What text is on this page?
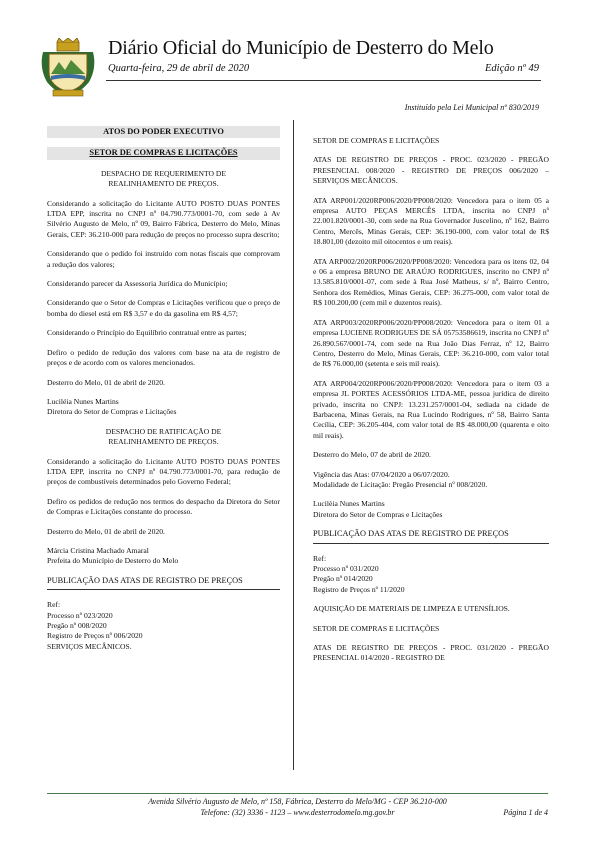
Diário Oficial do Município de Desterro do Melo
Quarta-feira, 29 de abril de 2020	Edição nº 49
Instituído pela Lei Municipal nº 830/2019
ATOS DO PODER EXECUTIVO
SETOR DE COMPRAS E LICITAÇÕES
DESPACHO DE REQUERIMENTO DE
REALINHAMENTO DE PREÇOS.

Considerando a solicitação do Licitante AUTO POSTO DUAS PONTES LTDA EPP, inscrita no CNPJ nº 04.790.773/0001-70, com sede à Av Silvério Augusto de Melo, nº 09, Bairro Fábrica, Desterro do Melo, Minas Gerais, CEP: 36.210-000 para redução de preços no processo supra descrito;

Considerando que o pedido foi instruído com notas fiscais que comprovam a redução dos valores;

Considerando parecer da Assessoria Jurídica do Município;

Considerando que o Setor de Compras e Licitações verificou que o preço de bomba do diesel está em R$ 3,57 e do da gasolina em R$ 4,57;

Considerando o Princípio do Equilíbrio contratual entre as partes;

Defiro o pedido de redução dos valores com base na ata de registro de preços e de acordo com os valores mencionados.

Desterro do Melo, 01 de abril de 2020.

Luciléia Nunes Martins

Diretora do Setor de Compras e Licitações

DESPACHO DE RATIFICAÇÃO DE
REALINHAMENTO DE PREÇOS.

Considerando a solicitação do Licitante AUTO POSTO DUAS PONTES LTDA EPP, inscrita no CNPJ nº 04.790.773/0001-70, para redução de preços de combustíveis determinados pelo Governo Federal;

Defiro os pedidos de redução nos termos do despacho da Diretora do Setor de Compras e Licitações constante do processo.

Desterro do Melo, 01 de abril de 2020.

Márcia Cristina Machado Amaral

Prefeita do Município de Desterro do Melo

PUBLICAÇÃO DAS ATAS DE REGISTRO DE PREÇOS

Ref:

Processo nº 023/2020

Pregão nº 008/2020

Registro de Preços nº 006/2020

SERVIÇOS MECÂNICOS.

SETOR DE COMPRAS E LICITAÇÕES

ATAS DE REGISTRO DE PREÇOS - PROC. 023/2020 - PREGÃO PRESENCIAL 008/2020 - REGISTRO DE PREÇOS 006/2020 – SERVIÇOS MECÂNICOS.

ATA ARP001/2020RP006/2020/PP008/2020: Vencedora para o item 05 a empresa AUTO PEÇAS MERCÊS LTDA, inscrita no CNPJ nº 22.001.820/0001-30, com sede na Rua Governador Juscelino, nº 162, Bairro Centro, Mercês, Minas Gerais, CEP: 36.190-000, com valor total de R$ 18.801,00 (dezoito mil oitocentos e um reais).

ATA ARP002/2020RP006/2020/PP008/2020: Vencedora para os itens 02, 04 e 06 a empresa BRUNO DE ARAÚJO RODRIGUES, inscrito no CNPJ nº 13.585.810/0001-07, com sede à Rua José Matheus, s/ nº, Bairro Centro, Senhora dos Remédios, Minas Gerais, CEP: 36.275-000, com valor total de R$ 100.200,00 (cem mil e duzentos reais).

ATA ARP003/2020RP006/2020/PP008/2020: Vencedora para o item 01 a empresa LUCIENE RODRIGUES DE SÁ 05753586619, inscrita no CNPJ nº 26.890.567/0001-74, com sede na Rua João Dias Ferraz, nº 12, Bairro Centro, Desterro do Melo, Minas Gerais, CEP: 36.210-000, com valor total de R$ 76.000,00 (setenta e seis mil reais).

ATA ARP004/2020RP006/2020/PP008/2020: Vencedora para o item 03 a empresa JL PORTES ACESSÓRIOS LTDA-ME, pessoa jurídica de direito privado, inscrita no CNPJ: 13.231.257/0001-04, sediada na cidade de Barbacena, Minas Gerais, na Rua Lucindo Rodrigues, nº 58, Bairro Santa Cecília, CEP: 36.205-404, com valor total de R$ 48.000,00 (quarenta e oito mil reais).

Desterro do Melo, 07 de abril de 2020.

Vigência das Atas: 07/04/2020 a 06/07/2020.

Modalidade de Licitação: Pregão Presencial nº 008/2020.

Lucilèia Nunes Martins

Diretora do Setor de Compras e Licitações

PUBLICAÇÃO DAS ATAS DE REGISTRO DE PREÇOS

Ref:

Processo nº 031/2020

Pregão nº 014/2020

Registro de Preços nº 11/2020

AQUISIÇÃO DE MATERIAIS DE LIMPEZA E UTENSÍLIOS.

SETOR DE COMPRAS E LICITAÇÕES

ATAS DE REGISTRO DE PREÇOS - PROC. 031/2020 - PREGÃO PRESENCIAL 014/2020 - REGISTRO DE

Avenida Silvério Augusto de Melo, nº 158, Fábrica, Desterro do Melo/MG - CEP 36.210-000
Telefone: (32) 3336 - 1123 – www.desterrodomelo.mg.gov.br	Página 1 de 4
